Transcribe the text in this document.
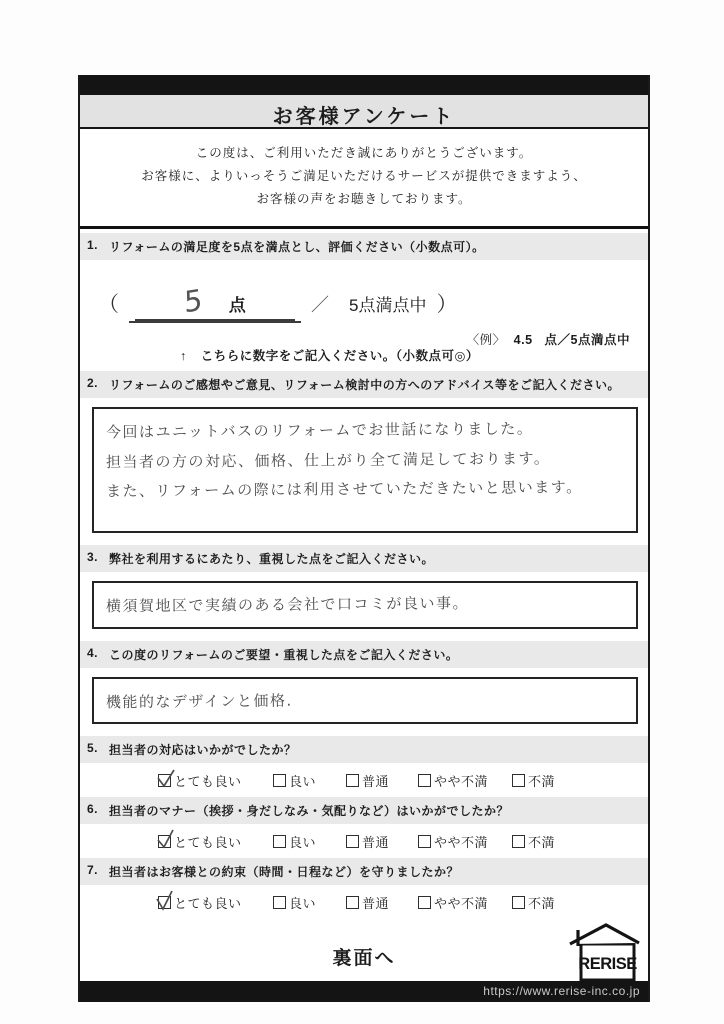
お客様アンケート
この度は、ご利用いただき誠にありがとうございます。
お客様に、よりいっそうご満足いただけるサービスが提供できますよう、
お客様の声をお聴きしております。
1. リフォームの満足度を5点を満点とし、評価ください（小数点可）。
（	5 点	／ 5点満点中 ）
↑ こちらに数字をご記入ください。（小数点可◎）
〈例〉 4.5 点／5点満点中
2. リフォームのご感想やご意見、リフォーム検討中の方へのアドバイス等をご記入ください。
今回はユニットバスのリフォームでお世話になりました。
担当者の方の対応、価格、仕上がり全て満足しております。
また、リフォームの際には利用させていただきたいと思います。
3. 弊社を利用するにあたり、重視した点をご記入ください。
横須賀地区で実績のある会社で口コミが良い事。
4. この度のリフォームのご要望・重視した点をご記入ください。
機能的なデザインと価格.
5. 担当者の対応はいかがでしたか？
とても良い	良い	普通	やや不満	不満
6. 担当者のマナー（挨拶・身だしなみ・気配りなど）はいかがでしたか？
とても良い	良い	普通	やや不満	不満
7. 担当者はお客様との約束（時間・日程など）を守りましたか？
とても良い	良い	普通	やや不満	不満
裏面へ	RERISE
https://www.rerise-inc.co.jp
